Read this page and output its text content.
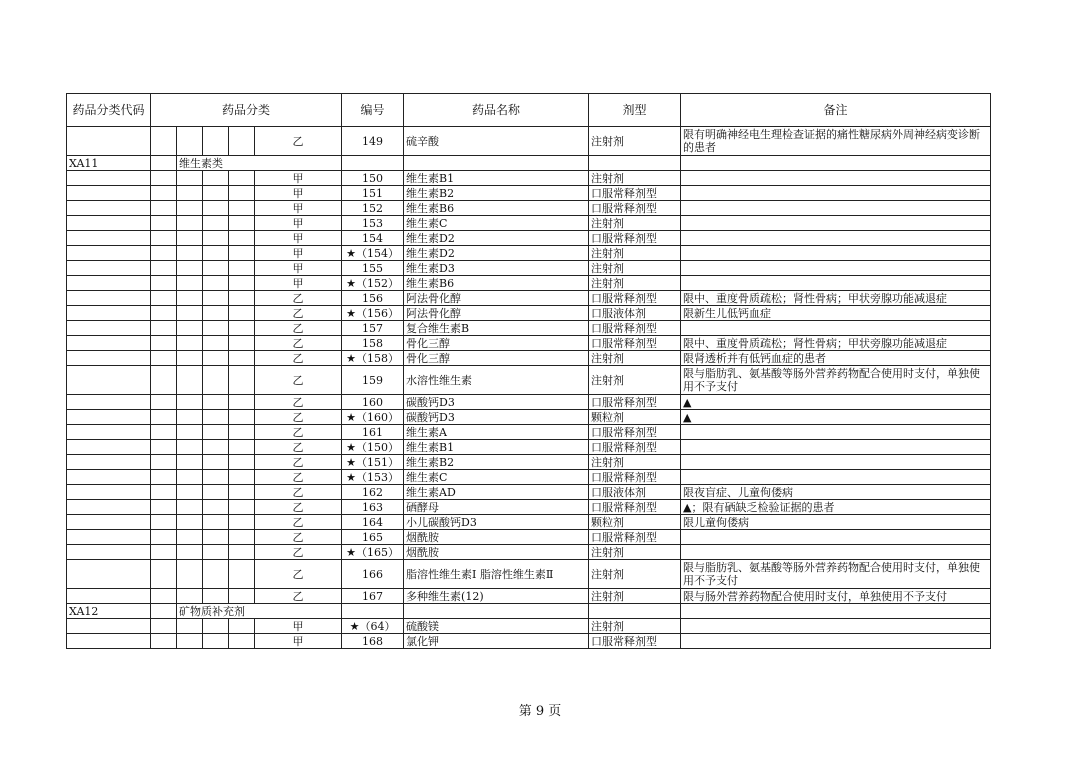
药品分类代码	药品分类					编号	药品名称	剂型	备注
					乙	149	硫辛酸	注射剂	限有明确神经电生理检查证据的痛性糖尿病外周神经病变诊断的患者
XA11		维生素类							
					甲	150	维生素B1	注射剂	
					甲	151	维生素B2	口服常释剂型	
					甲	152	维生素B6	口服常释剂型	
					甲	153	维生素C	注射剂	
					甲	154	维生素D2	口服常释剂型	
					甲	★（154）	维生素D2	注射剂	
					甲	155	维生素D3	注射剂	
					甲	★（152）	维生素B6	注射剂	
					乙	156	阿法骨化醇	口服常释剂型	限中、重度骨质疏松；肾性骨病；甲状旁腺功能减退症
					乙	★（156）	阿法骨化醇	口服液体剂	限新生儿低钙血症
					乙	157	复合维生素B	口服常释剂型	
					乙	158	骨化三醇	口服常释剂型	限中、重度骨质疏松；肾性骨病；甲状旁腺功能减退症
					乙	★（158）	骨化三醇	注射剂	限肾透析并有低钙血症的患者
					乙	159	水溶性维生素	注射剂	限与脂肪乳、氨基酸等肠外营养药物配合使用时支付，单独使用不予支付
					乙	160	碳酸钙D3	口服常释剂型	▲
					乙	★（160）	碳酸钙D3	颗粒剂	▲
					乙	161	维生素A	口服常释剂型	
					乙	★（150）	维生素B1	口服常释剂型	
					乙	★（151）	维生素B2	注射剂	
					乙	★（153）	维生素C	口服常释剂型	
					乙	162	维生素AD	口服液体剂	限夜盲症、儿童佝偻病
					乙	163	硒酵母	口服常释剂型	▲；限有硒缺乏检验证据的患者
					乙	164	小儿碳酸钙D3	颗粒剂	限儿童佝偻病
					乙	165	烟酰胺	口服常释剂型	
					乙	★（165）	烟酰胺	注射剂	
					乙	166	脂溶性维生素Ⅰ 脂溶性维生素Ⅱ	注射剂	限与脂肪乳、氨基酸等肠外营养药物配合使用时支付，单独使用不予支付
					乙	167	多种维生素(12)	注射剂	限与肠外营养药物配合使用时支付，单独使用不予支付
XA12		矿物质补充剂							
					甲	★（64）	硫酸镁	注射剂	
					甲	168	氯化钾	口服常释剂型	
第 9 页
